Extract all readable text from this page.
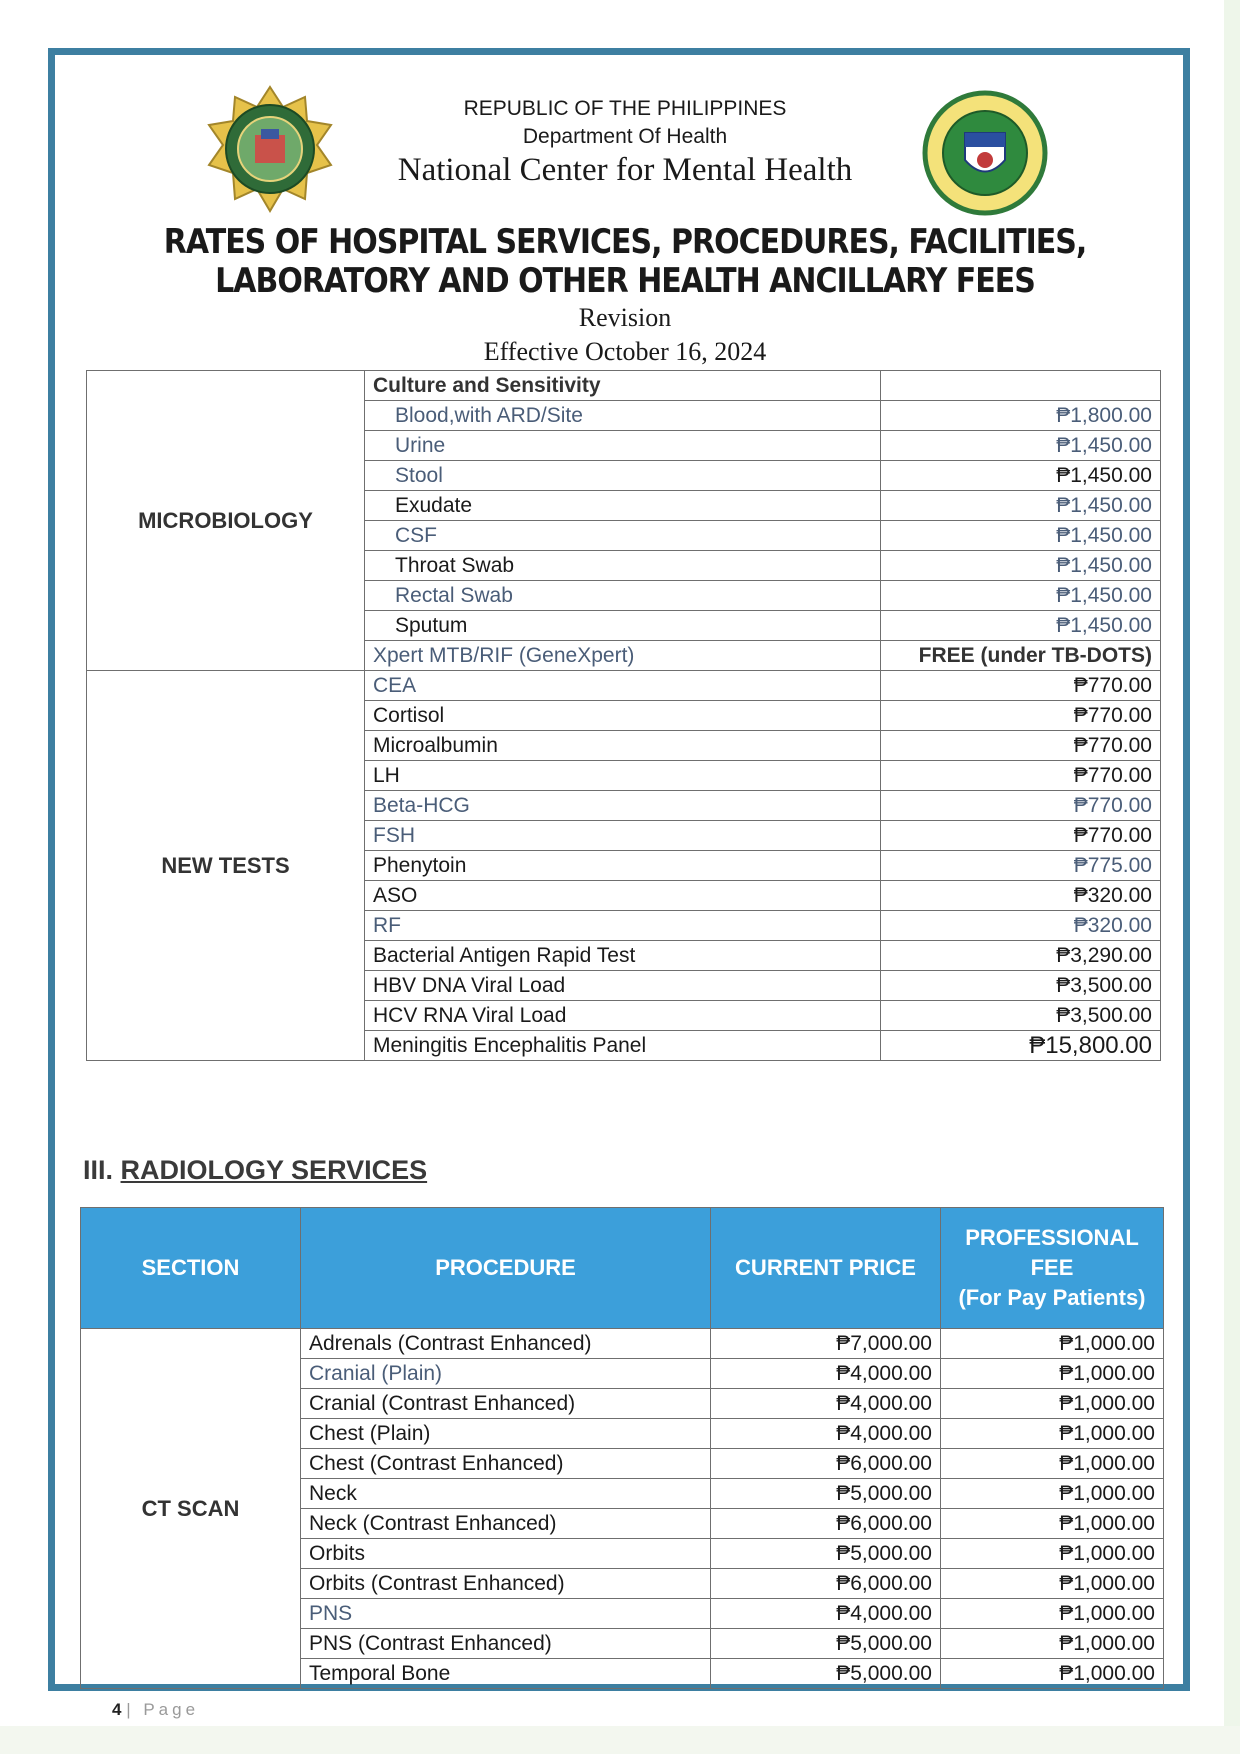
REPUBLIC OF THE PHILIPPINES
Department Of Health
National Center for Mental Health
RATES OF HOSPITAL SERVICES, PROCEDURES, FACILITIES,
LABORATORY AND OTHER HEALTH ANCILLARY FEES
Revision
Effective October 16, 2024
MICROBIOLOGY	Culture and Sensitivity	
	Blood,with ARD/Site	₱1,800.00
	Urine	₱1,450.00
	Stool	₱1,450.00
	Exudate	₱1,450.00
	CSF	₱1,450.00
	Throat Swab	₱1,450.00
	Rectal Swab	₱1,450.00
	Sputum	₱1,450.00
	Xpert MTB/RIF (GeneXpert)	FREE (under TB-DOTS)
NEW TESTS	CEA	₱770.00
	Cortisol	₱770.00
	Microalbumin	₱770.00
	LH	₱770.00
	Beta-HCG	₱770.00
	FSH	₱770.00
	Phenytoin	₱775.00
	ASO	₱320.00
	RF	₱320.00
	Bacterial Antigen Rapid Test	₱3,290.00
	HBV DNA Viral Load	₱3,500.00
	HCV RNA Viral Load	₱3,500.00
	Meningitis Encephalitis Panel	₱15,800.00
III. RADIOLOGY SERVICES
SECTION	PROCEDURE	CURRENT PRICE	PROFESSIONAL
FEE
(For Pay Patients)

CT SCAN	Adrenals (Contrast Enhanced)	₱7,000.00	₱1,000.00
	Cranial (Plain)	₱4,000.00	₱1,000.00
	Cranial (Contrast Enhanced)	₱4,000.00	₱1,000.00
	Chest (Plain)	₱4,000.00	₱1,000.00
	Chest (Contrast Enhanced)	₱6,000.00	₱1,000.00
	Neck	₱5,000.00	₱1,000.00
	Neck (Contrast Enhanced)	₱6,000.00	₱1,000.00
	Orbits	₱5,000.00	₱1,000.00
	Orbits (Contrast Enhanced)	₱6,000.00	₱1,000.00
	PNS	₱4,000.00	₱1,000.00
	PNS (Contrast Enhanced)	₱5,000.00	₱1,000.00
	Temporal Bone	₱5,000.00	₱1,000.00
4 | Page
